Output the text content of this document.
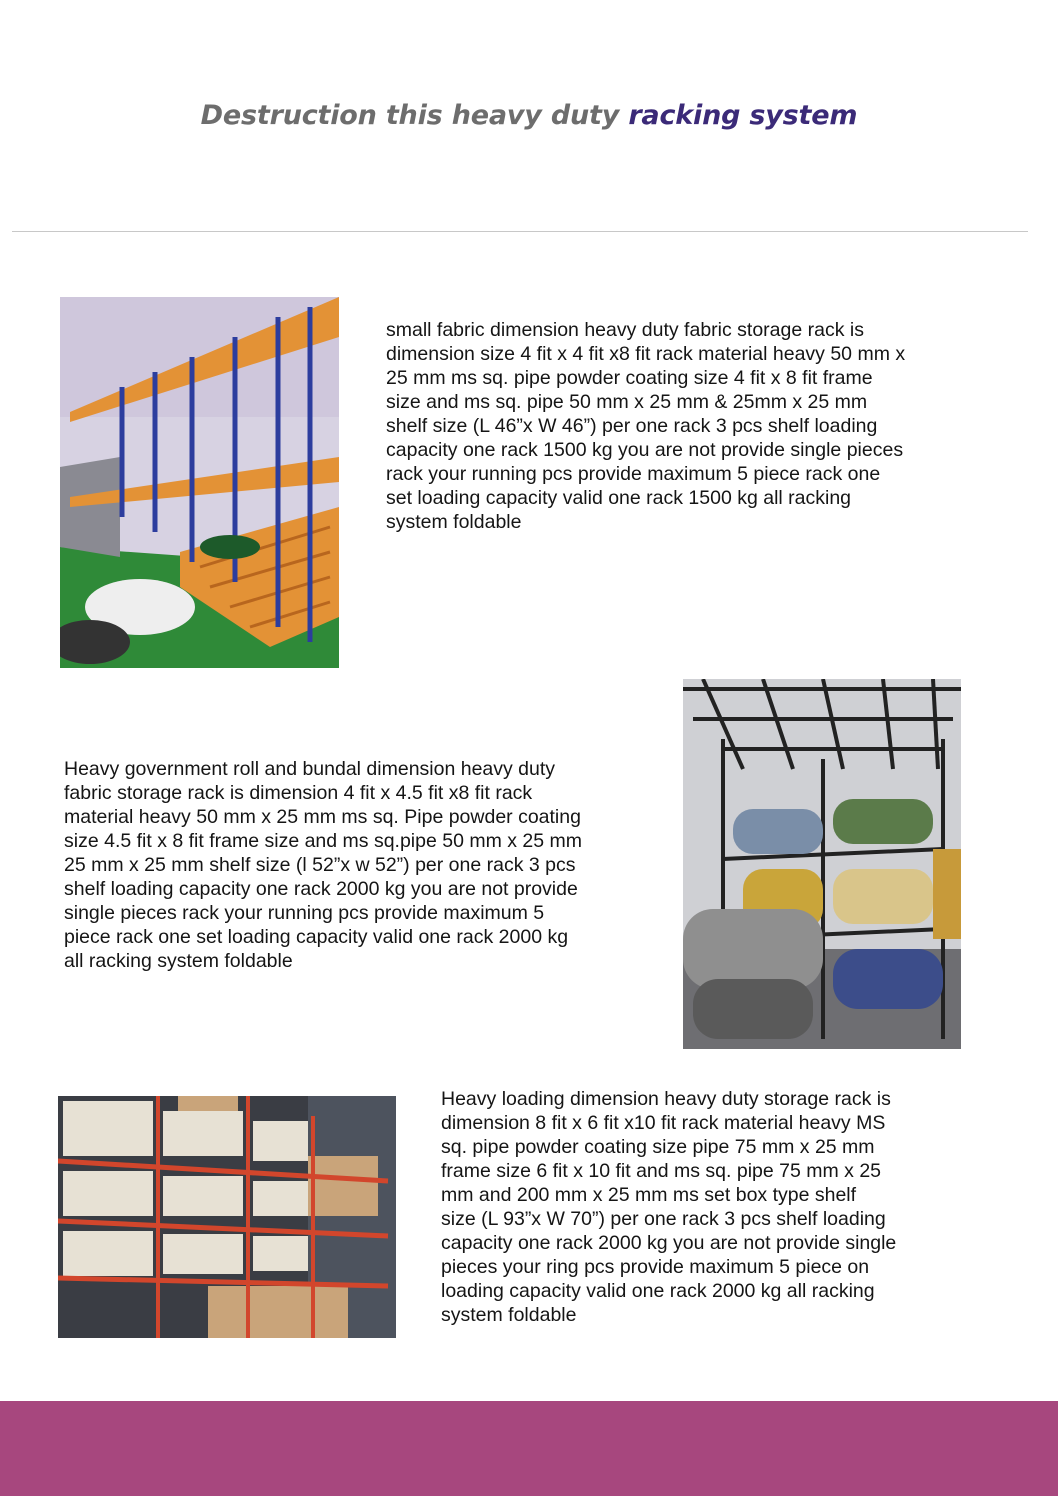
Destruction this heavy duty racking system
small fabric dimension heavy duty fabric storage rack is
dimension size 4 fit x 4 fit x8 fit rack material heavy 50 mm x
25 mm ms sq. pipe powder coating size 4 fit x 8 fit frame
size and ms sq. pipe 50 mm x 25 mm & 25mm x 25 mm
shelf size (L 46”x W 46”) per one rack 3 pcs shelf loading
capacity one rack 1500 kg you are not provide single pieces
rack your running pcs provide maximum 5 piece rack one
set loading capacity valid one rack 1500 kg all racking
system foldable
Heavy government roll and bundal dimension heavy duty
fabric storage rack is dimension 4 fit x 4.5 fit x8 fit rack
material heavy 50 mm x 25 mm ms sq. Pipe powder coating
size 4.5 fit x 8 fit frame size and ms sq.pipe 50 mm x 25 mm
25 mm x 25 mm shelf size (l 52”x w 52”) per one rack 3 pcs
shelf loading capacity one rack 2000 kg you are not provide
single pieces rack your running pcs provide maximum 5
piece rack one set loading capacity valid one rack 2000 kg
all racking system foldable
Heavy loading dimension heavy duty storage rack is
dimension 8 fit x 6 fit x10 fit rack material heavy MS
sq. pipe powder coating size pipe 75 mm x 25 mm
frame size 6 fit x 10 fit and ms sq. pipe 75 mm x 25
mm and 200 mm x 25 mm ms set box type shelf
size (L 93”x W 70”) per one rack 3 pcs shelf loading
capacity one rack 2000 kg you are not provide single
pieces your ring pcs provide maximum 5 piece on
loading capacity valid one rack 2000 kg all racking
system foldable
